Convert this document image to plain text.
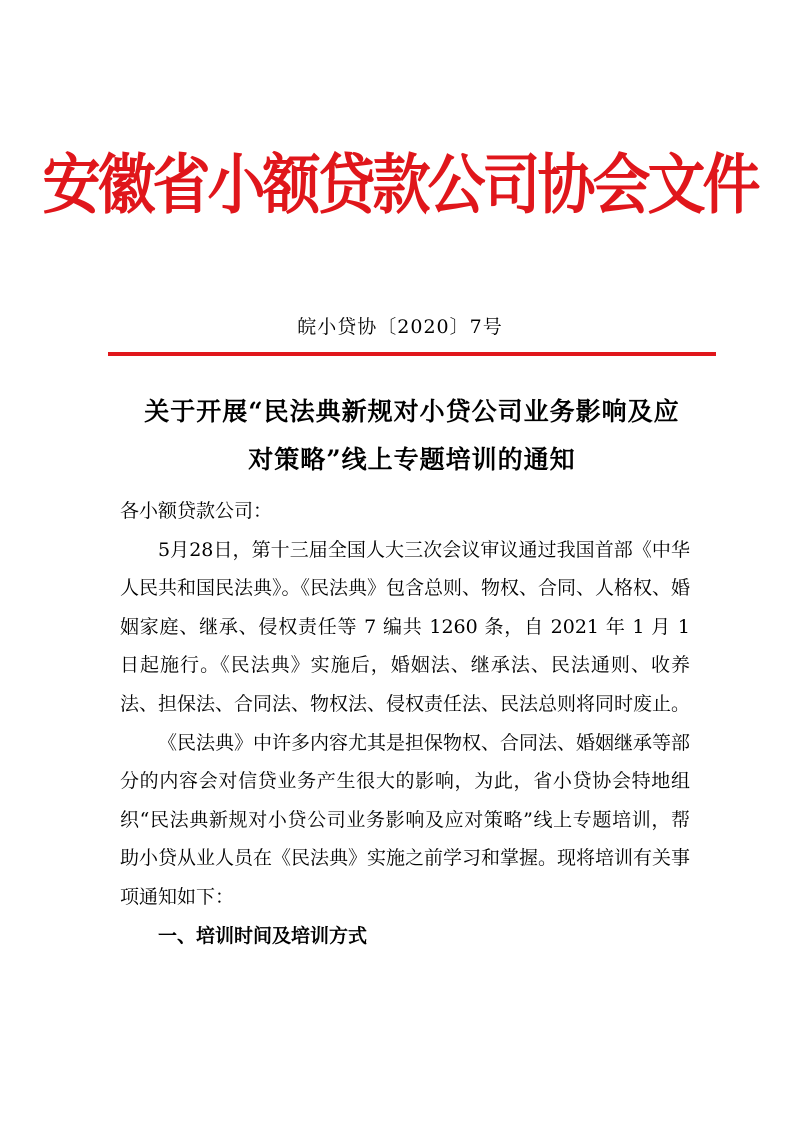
安徽省小额贷款公司协会文件
皖小贷协〔2020〕7号
关于开展“民法典新规对小贷公司业务影响及应
对策略”线上专题培训的通知

各小额贷款公司：

5月28日，第十三届全国人大三次会议审议通过我国首部《中华人民共和国民法典》。《民法典》包含总则、物权、合同、人格权、婚姻家庭、继承、侵权责任等 7 编共 1260 条，自 2021 年 1 月 1 日起施行。《民法典》实施后，婚姻法、继承法、民法通则、收养法、担保法、合同法、物权法、侵权责任法、民法总则将同时废止。

《民法典》中许多内容尤其是担保物权、合同法、婚姻继承等部分的内容会对信贷业务产生很大的影响，为此，省小贷协会特地组织“民法典新规对小贷公司业务影响及应对策略”线上专题培训，帮助小贷从业人员在《民法典》实施之前学习和掌握。现将培训有关事项通知如下：

一、培训时间及培训方式
